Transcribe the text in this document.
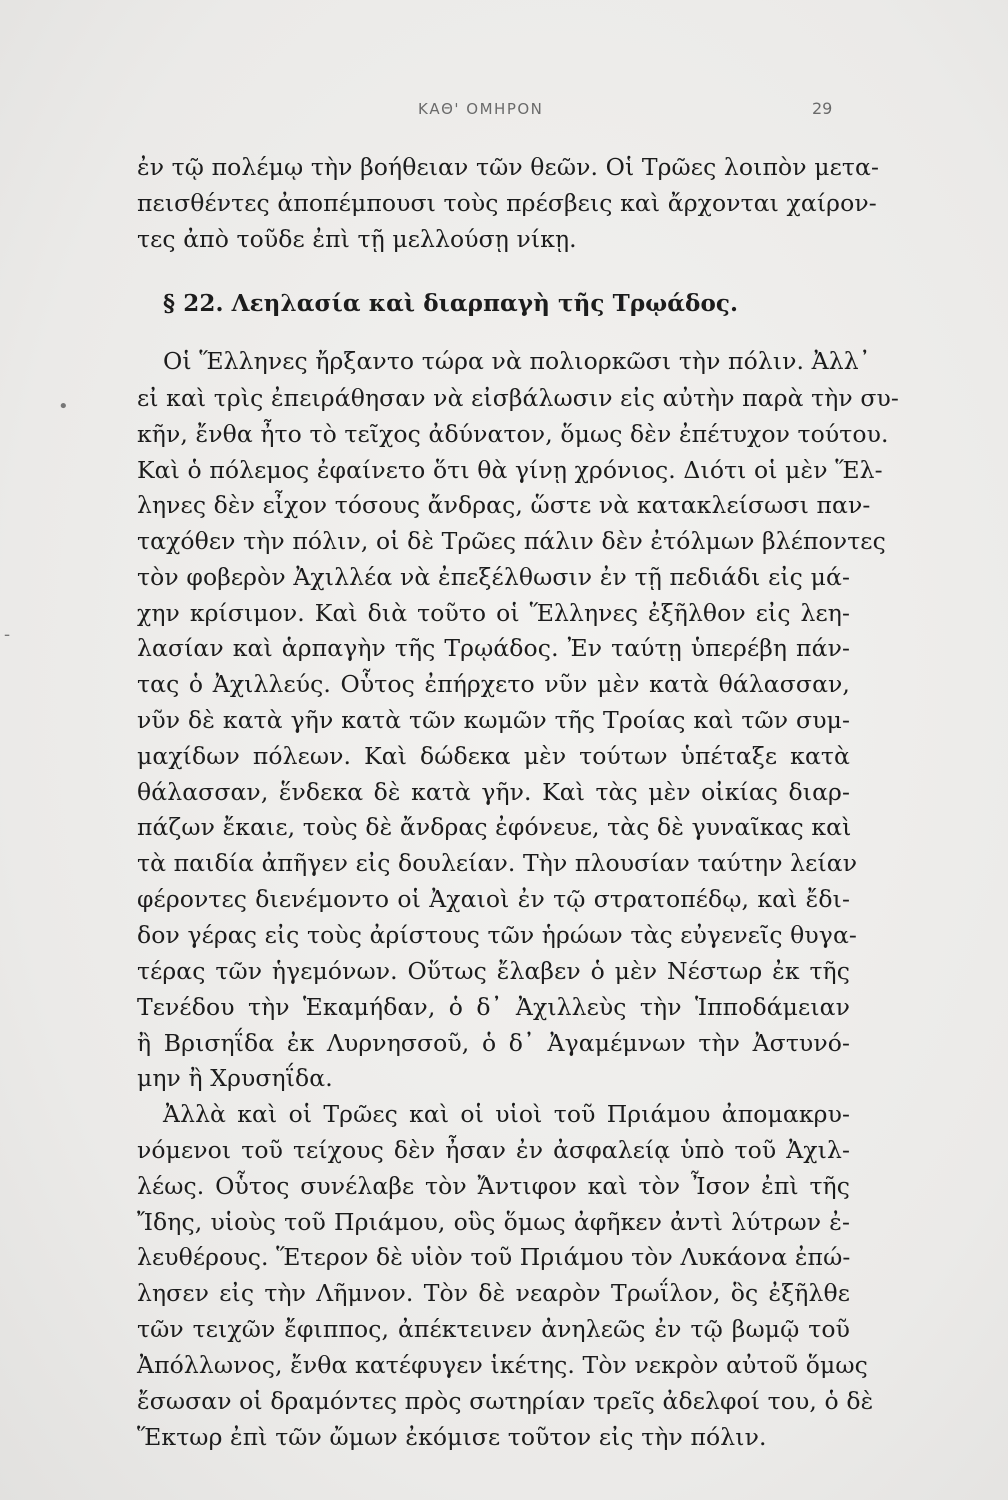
ΚΑΘ' ΟΜΗΡΟΝ	29
ἐν τῷ πολέμῳ τὴν βοήθειαν τῶν θεῶν. Οἱ Τρῶες λοιπὸν μετα-
πεισθέντες ἀποπέμπουσι τοὺς πρέσβεις καὶ ἄρχονται χαίρον-
τες ἀπὸ τοῦδε ἐπὶ τῇ μελλούσῃ νίκῃ.
§ 22. Λεηλασία καὶ διαρπαγὴ τῆς Τρῳάδος.
Οἱ Ἕλληνες ἤρξαντο τώρα νὰ πολιορκῶσι τὴν πόλιν. Ἀλλ᾽
εἰ καὶ τρὶς ἐπειράθησαν νὰ εἰσβάλωσιν εἰς αὐτὴν παρὰ τὴν συ-
κῆν, ἔνθα ἦτο τὸ τεῖχος ἀδύνατον, ὅμως δὲν ἐπέτυχον τούτου.
Καὶ ὁ πόλεμος ἐφαίνετο ὅτι θὰ γίνῃ χρόνιος. Διότι οἱ μὲν Ἕλ-
ληνες δὲν εἶχον τόσους ἄνδρας, ὥστε νὰ κατακλείσωσι παν-
ταχόθεν τὴν πόλιν, οἱ δὲ Τρῶες πάλιν δὲν ἐτόλμων βλέποντες
τὸν φοβερὸν Ἀχιλλέα νὰ ἐπεξέλθωσιν ἐν τῇ πεδιάδι εἰς μά-
χην κρίσιμον. Καὶ διὰ τοῦτο οἱ Ἕλληνες ἐξῆλθον εἰς λεη-
λασίαν καὶ ἁρπαγὴν τῆς Τρῳάδος. Ἐν ταύτῃ ὑπερέβη πάν-
τας ὁ Ἀχιλλεύς. Οὗτος ἐπήρχετο νῦν μὲν κατὰ θάλασσαν,
νῦν δὲ κατὰ γῆν κατὰ τῶν κωμῶν τῆς Τροίας καὶ τῶν συμ-
μαχίδων πόλεων. Καὶ δώδεκα μὲν τούτων ὑπέταξε κατὰ
θάλασσαν, ἕνδεκα δὲ κατὰ γῆν. Καὶ τὰς μὲν οἰκίας διαρ-
πάζων ἔκαιε, τοὺς δὲ ἄνδρας ἐφόνευε, τὰς δὲ γυναῖκας καὶ
τὰ παιδία ἀπῆγεν εἰς δουλείαν. Τὴν πλουσίαν ταύτην λείαν
φέροντες διενέμοντο οἱ Ἀχαιοὶ ἐν τῷ στρατοπέδῳ, καὶ ἔδι-
δον γέρας εἰς τοὺς ἀρίστους τῶν ἡρώων τὰς εὐγενεῖς θυγα-
τέρας τῶν ἡγεμόνων. Οὕτως ἔλαβεν ὁ μὲν Νέστωρ ἐκ τῆς
Τενέδου τὴν Ἑκαμήδαν, ὁ δ᾽ Ἀχιλλεὺς τὴν Ἱπποδάμειαν
ἢ Βρισηΐδα ἐκ Λυρνησσοῦ, ὁ δ᾽ Ἀγαμέμνων τὴν Ἀστυνό-
μην ἢ Χρυσηΐδα.
Ἀλλὰ καὶ οἱ Τρῶες καὶ οἱ υἱοὶ τοῦ Πριάμου ἀπομακρυ-
νόμενοι τοῦ τείχους δὲν ἦσαν ἐν ἀσφαλείᾳ ὑπὸ τοῦ Ἀχιλ-
λέως. Οὗτος συνέλαβε τὸν Ἄντιφον καὶ τὸν Ἶσον ἐπὶ τῆς
Ἴδης, υἱοὺς τοῦ Πριάμου, οὓς ὅμως ἀφῆκεν ἀντὶ λύτρων ἐ-
λευθέρους. Ἕτερον δὲ υἱὸν τοῦ Πριάμου τὸν Λυκάονα ἐπώ-
λησεν εἰς τὴν Λῆμνον. Τὸν δὲ νεαρὸν Τρωΐλον, ὃς ἐξῆλθε
τῶν τειχῶν ἔφιππος, ἀπέκτεινεν ἀνηλεῶς ἐν τῷ βωμῷ τοῦ
Ἀπόλλωνος, ἔνθα κατέφυγεν ἱκέτης. Τὸν νεκρὸν αὐτοῦ ὅμως
ἔσωσαν οἱ δραμόντες πρὸς σωτηρίαν τρεῖς ἀδελφοί του, ὁ δὲ
Ἕκτωρ ἐπὶ τῶν ὤμων ἐκόμισε τοῦτον εἰς τὴν πόλιν.
•
-
